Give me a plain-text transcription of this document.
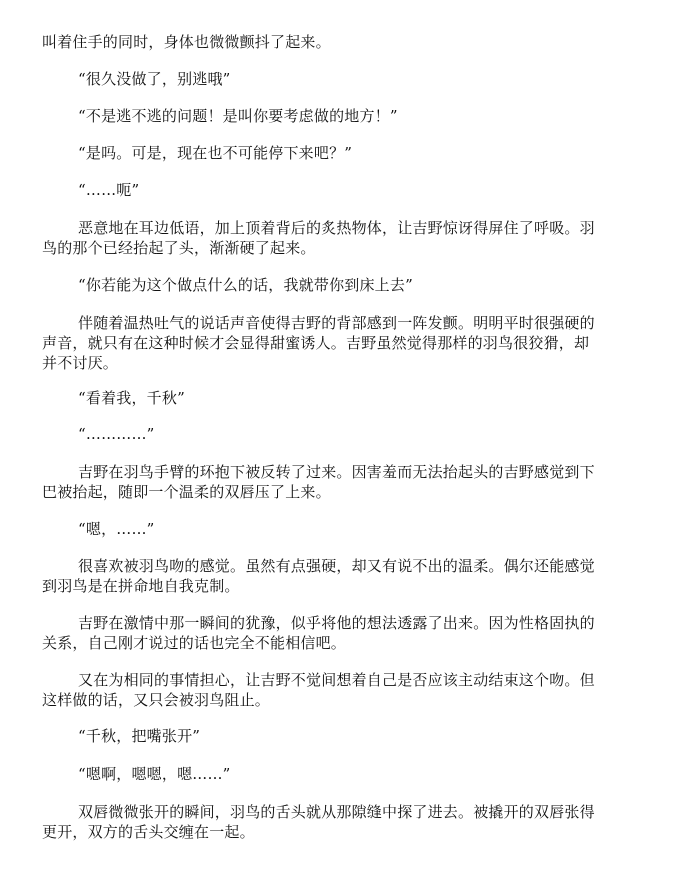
叫着住手的同时，身体也微微颤抖了起来。

“很久没做了，别逃哦”

“不是逃不逃的问题！是叫你要考虑做的地方！”

“是吗。可是，现在也不可能停下来吧？”

“……呃”

恶意地在耳边低语，加上顶着背后的炙热物体，让吉野惊讶得屏住了呼吸。羽
鸟的那个已经抬起了头，渐渐硬了起来。

“你若能为这个做点什么的话，我就带你到床上去”

伴随着温热吐气的说话声音使得吉野的背部感到一阵发颤。明明平时很强硬的
声音，就只有在这种时候才会显得甜蜜诱人。吉野虽然觉得那样的羽鸟很狡猾，却
并不讨厌。

“看着我，千秋”

“…………”

吉野在羽鸟手臂的环抱下被反转了过来。因害羞而无法抬起头的吉野感觉到下
巴被抬起，随即一个温柔的双唇压了上来。

“嗯，……”

很喜欢被羽鸟吻的感觉。虽然有点强硬，却又有说不出的温柔。偶尔还能感觉
到羽鸟是在拼命地自我克制。

吉野在激情中那一瞬间的犹豫，似乎将他的想法透露了出来。因为性格固执的
关系，自己刚才说过的话也完全不能相信吧。

又在为相同的事情担心，让吉野不觉间想着自己是否应该主动结束这个吻。但
这样做的话，又只会被羽鸟阻止。

“千秋，把嘴张开”

“嗯啊，嗯嗯，嗯……”

双唇微微张开的瞬间，羽鸟的舌头就从那隙缝中探了进去。被撬开的双唇张得
更开，双方的舌头交缠在一起。
